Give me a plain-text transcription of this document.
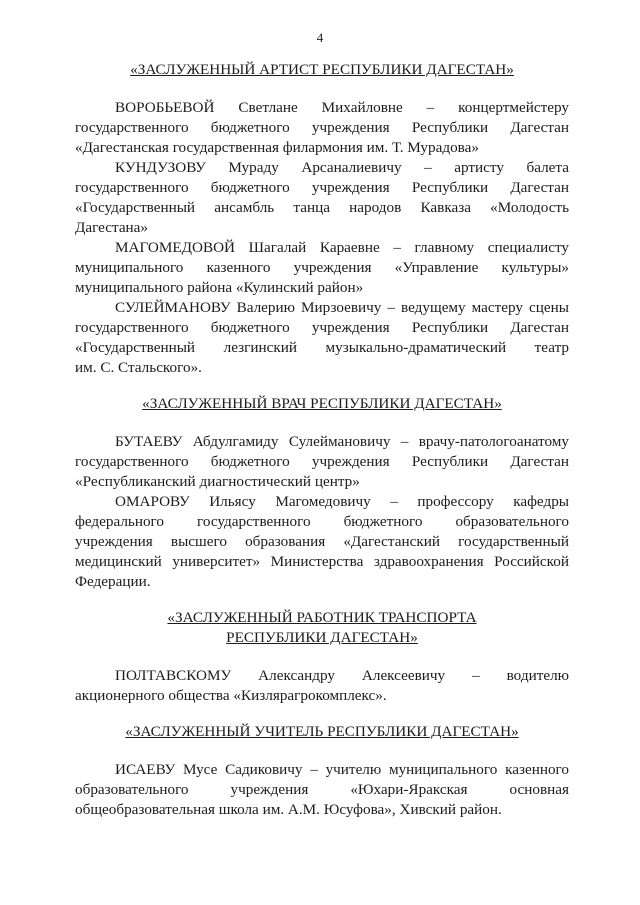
4
«ЗАСЛУЖЕННЫЙ АРТИСТ РЕСПУБЛИКИ ДАГЕСТАН»
ВОРОБЬЕВОЙ Светлане Михайловне – концертмейстеру
государственного бюджетного учреждения Республики Дагестан
«Дагестанская государственная филармония им. Т. Мурадова»
КУНДУЗОВУ Мураду Арсаналиевичу – артисту балета
государственного бюджетного учреждения Республики Дагестан
«Государственный ансамбль танца народов Кавказа «Молодость
Дагестана»
МАГОМЕДОВОЙ Шагалай Караевне – главному специалисту
муниципального казенного учреждения «Управление культуры»
муниципального района «Кулинский район»
СУЛЕЙМАНОВУ Валерию Мирзоевичу – ведущему мастеру сцены
государственного бюджетного учреждения Республики Дагестан
«Государственный лезгинский музыкально-драматический театр
им. С. Стальского».
«ЗАСЛУЖЕННЫЙ ВРАЧ РЕСПУБЛИКИ ДАГЕСТАН»
БУТАЕВУ Абдулгамиду Сулеймановичу – врачу-патологоанатому
государственного бюджетного учреждения Республики Дагестан
«Республиканский диагностический центр»
ОМАРОВУ Ильясу Магомедовичу – профессору кафедры
федерального государственного бюджетного образовательного
учреждения высшего образования «Дагестанский государственный
медицинский университет» Министерства здравоохранения Российской
Федерации.
«ЗАСЛУЖЕННЫЙ РАБОТНИК ТРАНСПОРТА
РЕСПУБЛИКИ ДАГЕСТАН»
ПОЛТАВСКОМУ Александру Алексеевичу – водителю
акционерного общества «Кизлярагрокомплекс».
«ЗАСЛУЖЕННЫЙ УЧИТЕЛЬ РЕСПУБЛИКИ ДАГЕСТАН»
ИСАЕВУ Мусе Садиковичу – учителю муниципального казенного
образовательного учреждения «Юхари-Яракская основная
общеобразовательная школа им. А.М. Юсуфова», Хивский район.
